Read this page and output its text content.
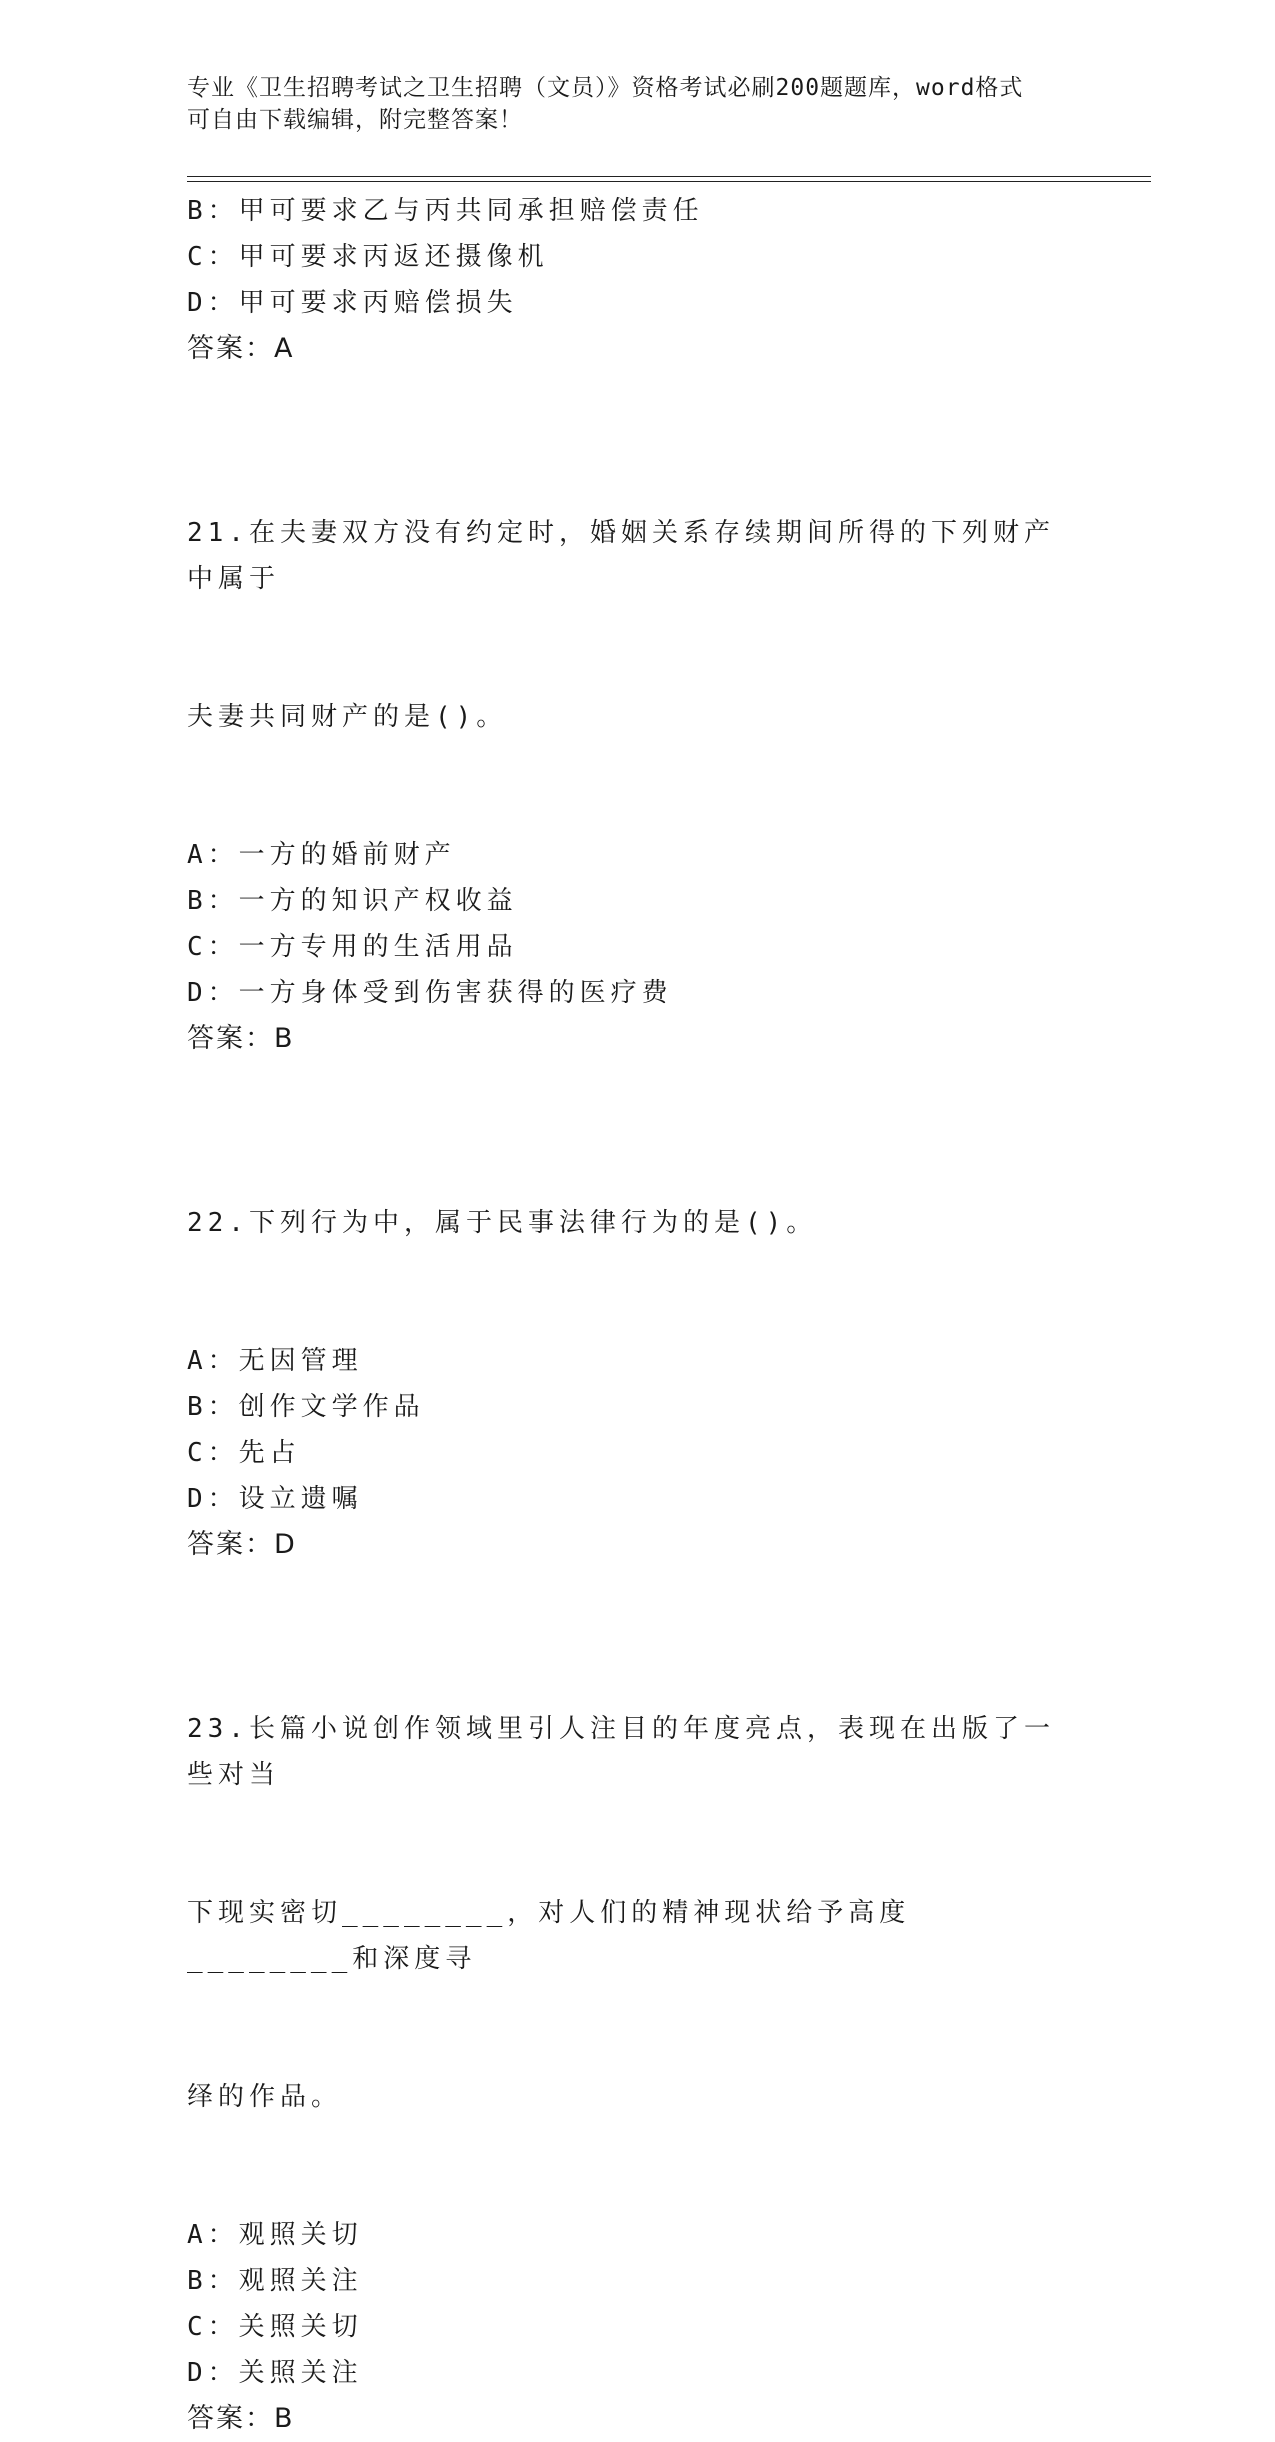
专业《卫生招聘考试之卫生招聘（文员）》资格考试必刷200题题库，word格式
可自由下载编辑，附完整答案！
B：甲可要求乙与丙共同承担赔偿责任
C：甲可要求丙返还摄像机
D：甲可要求丙赔偿损失
答案：A

21.在夫妻双方没有约定时，婚姻关系存续期间所得的下列财产中属于

夫妻共同财产的是()。

A：一方的婚前财产
B：一方的知识产权收益
C：一方专用的生活用品
D：一方身体受到伤害获得的医疗费
答案：B

22.下列行为中，属于民事法律行为的是()。

A：无因管理
B：创作文学作品
C：先占
D：设立遗嘱
答案：D

23.长篇小说创作领域里引人注目的年度亮点，表现在出版了一些对当

下现实密切________，对人们的精神现状给予高度________和深度寻

绎的作品。

A：观照关切
B：观照关注
C：关照关切
D：关照关注
答案：B
